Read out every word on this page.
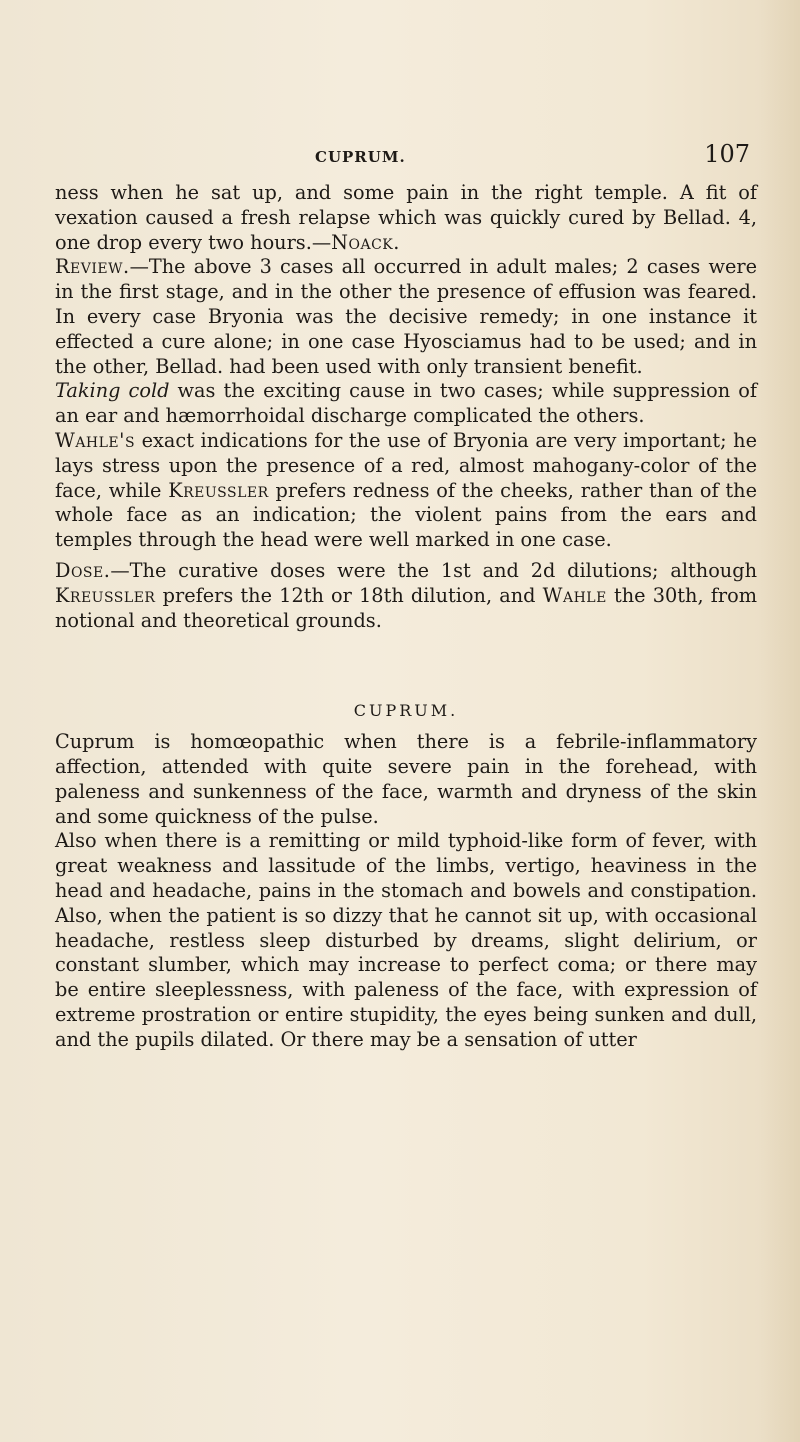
CUPRUM.	107

ness when he sat up, and some pain in the right temple. A fit of vexation caused a fresh relapse which was quickly cured by Bellad. 4, one drop every two hours.—Noack.

Review.—The above 3 cases all occurred in adult males; 2 cases were in the first stage, and in the other the presence of effusion was feared. In every case Bryonia was the decisive remedy; in one instance it effected a cure alone; in one case Hyosciamus had to be used; and in the other, Bellad. had been used with only transient benefit.

Taking cold was the exciting cause in two cases; while suppression of an ear and hæmorrhoidal discharge complicated the others.

Wahle's exact indications for the use of Bryonia are very important; he lays stress upon the presence of a red, almost mahogany-color of the face, while Kreussler prefers redness of the cheeks, rather than of the whole face as an indication; the violent pains from the ears and temples through the head were well marked in one case.

Dose.—The curative doses were the 1st and 2d dilutions; although Kreussler prefers the 12th or 18th dilution, and Wahle the 30th, from notional and theoretical grounds.

CUPRUM.

Cuprum is homœopathic when there is a febrile-inflammatory affection, attended with quite severe pain in the forehead, with paleness and sunkenness of the face, warmth and dryness of the skin and some quickness of the pulse.

Also when there is a remitting or mild typhoid-like form of fever, with great weakness and lassitude of the limbs, vertigo, heaviness in the head and headache, pains in the stomach and bowels and constipation. Also, when the patient is so dizzy that he cannot sit up, with occasional headache, restless sleep disturbed by dreams, slight delirium, or constant slumber, which may increase to perfect coma; or there may be entire sleeplessness, with paleness of the face, with expression of extreme prostration or entire stupidity, the eyes being sunken and dull, and the pupils dilated. Or there may be a sensation of utter
